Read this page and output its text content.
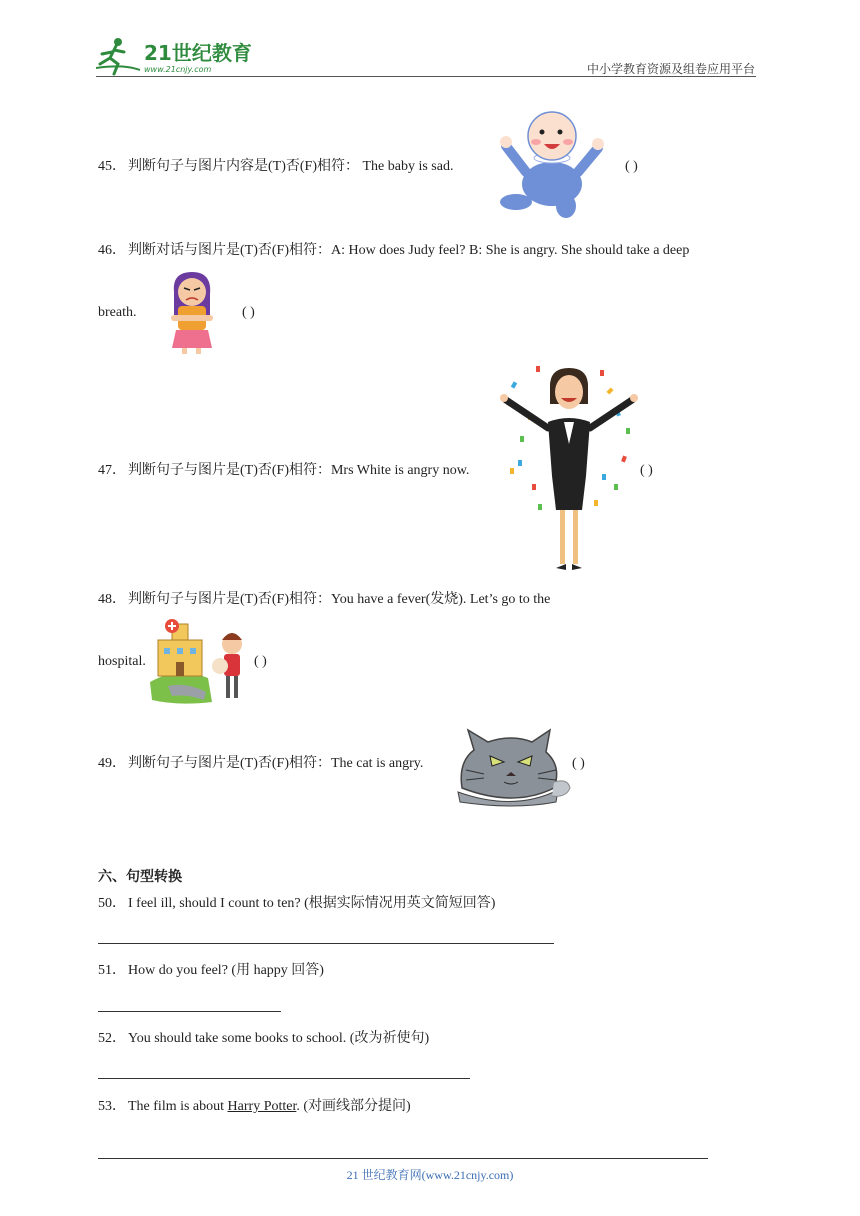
21世纪教育
www.21cnjy.com	中小学教育资源及组卷应用平台
45． 判断句子与图片内容是(T)否(F)相符： The baby is sad.	( )
46． 判断对话与图片是(T)否(F)相符：A: How does Judy feel? B: She is angry. She should take a deep
breath.	( )
47． 判断句子与图片是(T)否(F)相符：Mrs White is angry now.	( )
48． 判断句子与图片是(T)否(F)相符：You have a fever(发烧). Let’s go to the
hospital.	( )
49． 判断句子与图片是(T)否(F)相符：The cat is angry.	( )
六、句型转换
50． I feel ill, should I count to ten? (根据实际情况用英文简短回答)
51． How do you feel? (用 happy 回答)
52． You should take some books to school. (改为祈使句)
53． The film is about Harry Potter. (对画线部分提问)
21 世纪教育网(www.21cnjy.com)
